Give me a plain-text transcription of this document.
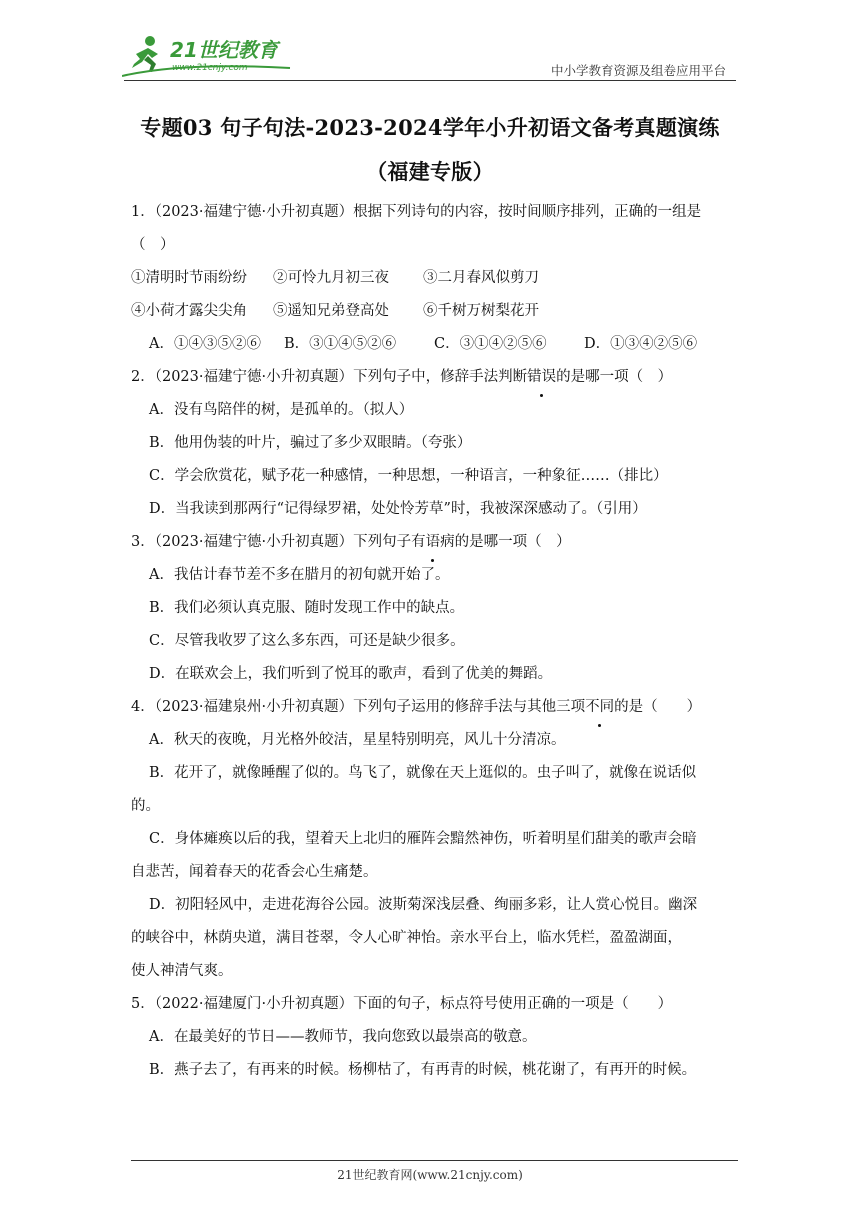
21世纪教育
www.21cnjy.com	中小学教育资源及组卷应用平台
专题03 句子句法-2023-2024学年小升初语文备考真题演练（福建专版）
1．（2023·福建宁德·小升初真题）根据下列诗句的内容，按时间顺序排列，正确的一组是（　）
①清明时节雨纷纷 ②可怜九月初三夜 ③二月春风似剪刀
④小荷才露尖尖角 ⑤遥知兄弟登高处 ⑥千树万树梨花开
A．①④③⑤②⑥ B．③①④⑤②⑥	C．③①④②⑤⑥	D．①③④②⑤⑥
2．（2023·福建宁德·小升初真题）下列句子中，修辞手法判断错误的是哪一项（　）
A．没有鸟陪伴的树，是孤单的。（拟人）
B．他用伪装的叶片，骗过了多少双眼睛。（夸张）
C．学会欣赏花，赋予花一种感情，一种思想，一种语言，一种象征……（排比）
D．当我读到那两行“记得绿罗裙，处处怜芳草”时，我被深深感动了。（引用）
3．（2023·福建宁德·小升初真题）下列句子有语病的是哪一项（　）
A．我估计春节差不多在腊月的初旬就开始了。
B．我们必须认真克服、随时发现工作中的缺点。
C．尽管我收罗了这么多东西，可还是缺少很多。
D．在联欢会上，我们听到了悦耳的歌声，看到了优美的舞蹈。
4．（2023·福建泉州·小升初真题）下列句子运用的修辞手法与其他三项不同的是（　　）
A．秋天的夜晚，月光格外皎洁，星星特别明亮，风儿十分清凉。
B．花开了，就像睡醒了似的。鸟飞了，就像在天上逛似的。虫子叫了，就像在说话似
的。
C．身体瘫痪以后的我，望着天上北归的雁阵会黯然神伤，听着明星们甜美的歌声会暗
自悲苦，闻着春天的花香会心生痛楚。
D．初阳轻风中，走进花海谷公园。波斯菊深浅层叠、绚丽多彩，让人赏心悦目。幽深
的峡谷中，林荫央道，满目苍翠，令人心旷神怡。亲水平台上，临水凭栏，盈盈湖面，
使人神清气爽。
5．（2022·福建厦门·小升初真题）下面的句子，标点符号使用正确的一项是（　　）
A．在最美好的节日——教师节，我向您致以最崇高的敬意。
B．燕子去了，有再来的时候。杨柳枯了，有再青的时候，桃花谢了，有再开的时候。
21世纪教育网(www.21cnjy.com)
